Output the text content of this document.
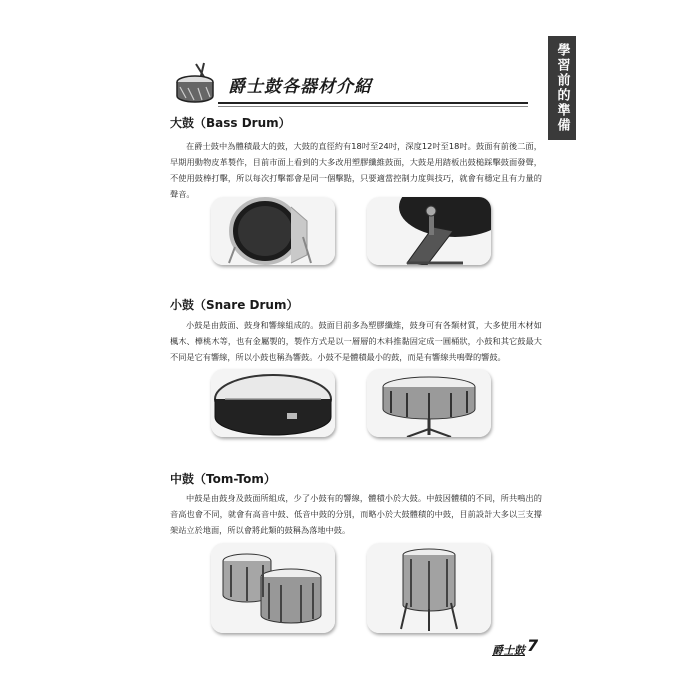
學習前的準備
爵士鼓各器材介紹
大鼓（Bass Drum）
在爵士鼓中為體積最大的鼓，大鼓的直徑約有18吋至24吋，深度12吋至18吋。鼓面有前後二面，早期用動物皮革製作，目前市面上看到的大多改用塑膠纖維鼓面，大鼓是用踏板出鼓槌踩擊鼓面發聲，不使用鼓棒打擊，所以每次打擊都會是同一個擊點，只要適當控制力度與技巧，就會有穩定且有力量的聲音。
小鼓（Snare Drum）
小鼓是由鼓面、鼓身和響線組成的。鼓面目前多為塑膠纖維，鼓身可有各類材質，大多使用木材如楓木、樺桃木等，也有金屬製的，製作方式是以一層層的木料推黏固定成一圓桶狀，小鼓和其它鼓最大不同是它有響線，所以小鼓也稱為響鼓。小鼓不是體積最小的鼓，而是有響線共鳴聲的響鼓。
中鼓（Tom-Tom）
中鼓是由鼓身及鼓面所組成，少了小鼓有的響線，體積小於大鼓。中鼓因體積的不同，所共鳴出的音高也會不同，就會有高音中鼓、低音中鼓的分別，而略小於大鼓體積的中鼓，目前設計大多以三支撐架站立於地面，所以會將此類的鼓稱為落地中鼓。
爵士鼓 7
